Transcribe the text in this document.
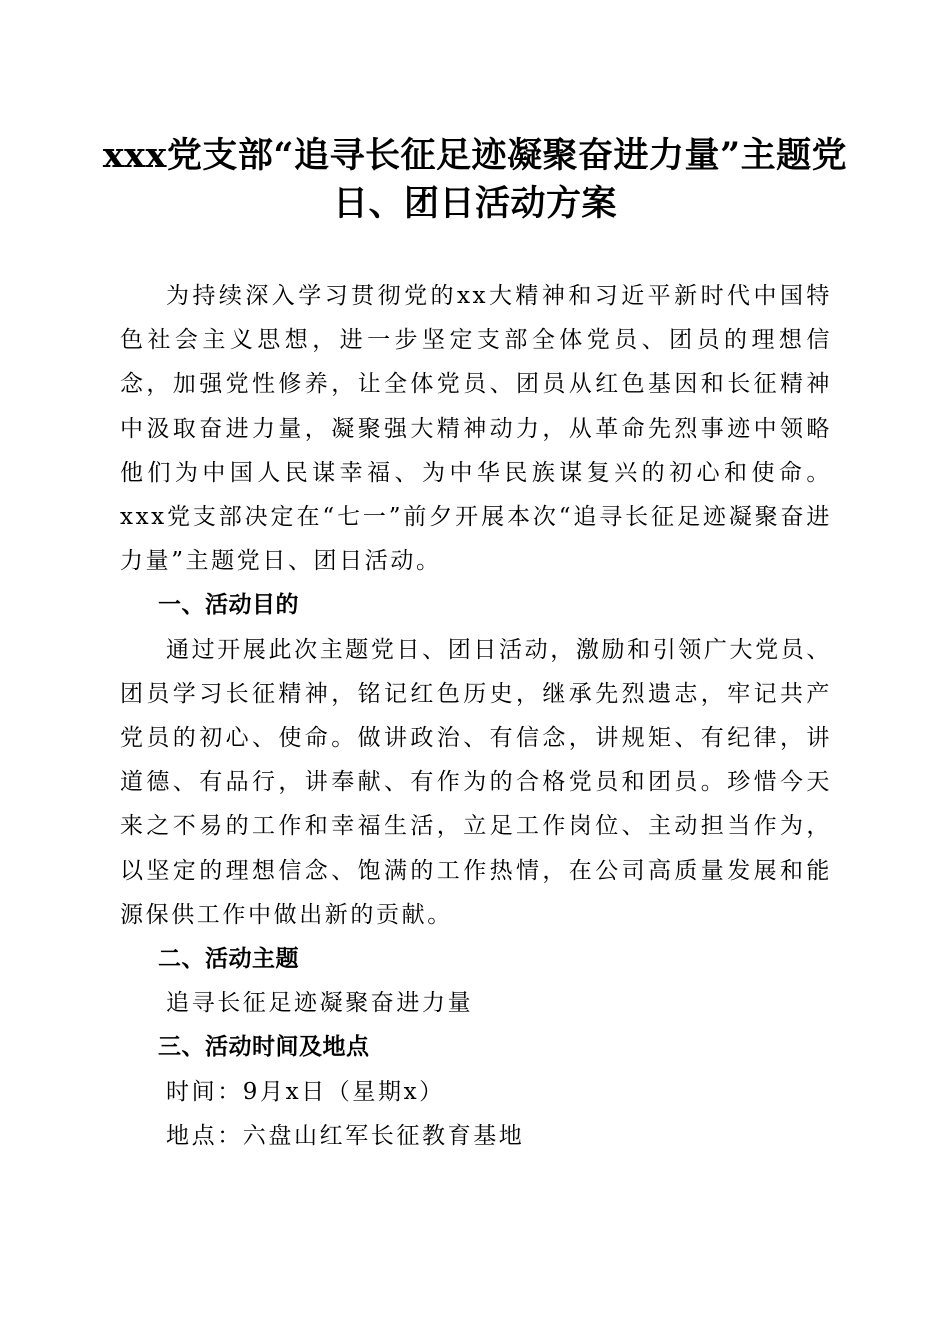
xxx党支部“追寻长征足迹凝聚奋进力量”主题党日、团日活动方案

为持续深入学习贯彻党的xx大精神和习近平新时代中国特色社会主义思想，进一步坚定支部全体党员、团员的理想信念，加强党性修养，让全体党员、团员从红色基因和长征精神中汲取奋进力量，凝聚强大精神动力，从革命先烈事迹中领略他们为中国人民谋幸福、为中华民族谋复兴的初心和使命。xxx党支部决定在“七一”前夕开展本次“追寻长征足迹凝聚奋进力量”主题党日、团日活动。

一、活动目的

通过开展此次主题党日、团日活动，激励和引领广大党员、团员学习长征精神，铭记红色历史，继承先烈遗志，牢记共产党员的初心、使命。做讲政治、有信念，讲规矩、有纪律，讲道德、有品行，讲奉献、有作为的合格党员和团员。珍惜今天来之不易的工作和幸福生活，立足工作岗位、主动担当作为，以坚定的理想信念、饱满的工作热情，在公司高质量发展和能源保供工作中做出新的贡献。

二、活动主题

追寻长征足迹凝聚奋进力量

三、活动时间及地点

时间：9月x日（星期x）

地点：六盘山红军长征教育基地
